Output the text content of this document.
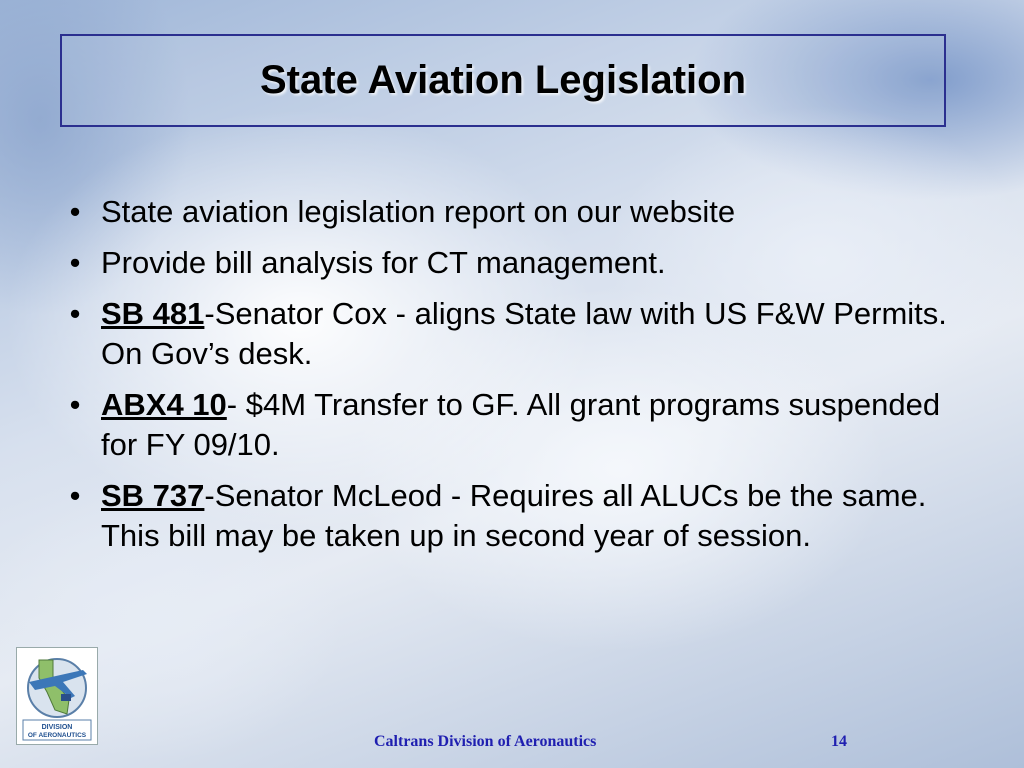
State Aviation Legislation
• State aviation legislation report on our website
• Provide bill analysis for CT management.
• SB 481-Senator Cox - aligns State law with US F&W Permits. On Gov’s desk.
• ABX4 10- $4M Transfer to GF. All grant programs suspended for FY 09/10.
• SB 737-Senator McLeod - Requires all ALUCs be the same. This bill may be taken up in second year of session.
DIVISION
OF AERONAUTICS	Caltrans Division of Aeronautics	14
